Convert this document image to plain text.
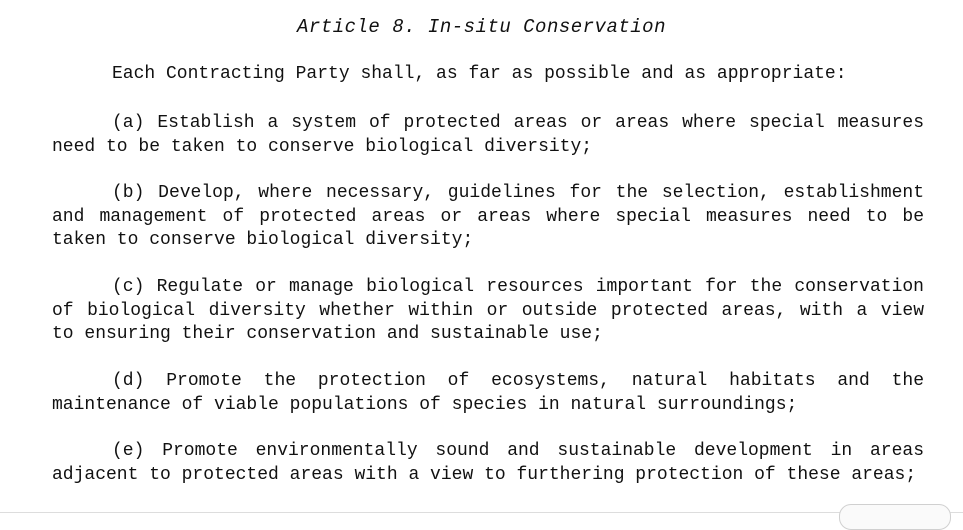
Article 8. In-situ Conservation
Each Contracting Party shall, as far as possible and as appropriate:
(a) Establish a system of protected areas or areas where special measures need to be taken to conserve biological diversity;
(b) Develop, where necessary, guidelines for the selection, establishment and management of protected areas or areas where special measures need to be taken to conserve biological diversity;
(c) Regulate or manage biological resources important for the conservation of biological diversity whether within or outside protected areas, with a view to ensuring their conservation and sustainable use;
(d) Promote the protection of ecosystems, natural habitats and the maintenance of viable populations of species in natural surroundings;
(e) Promote environmentally sound and sustainable development in areas adjacent to protected areas with a view to furthering protection of these areas;
